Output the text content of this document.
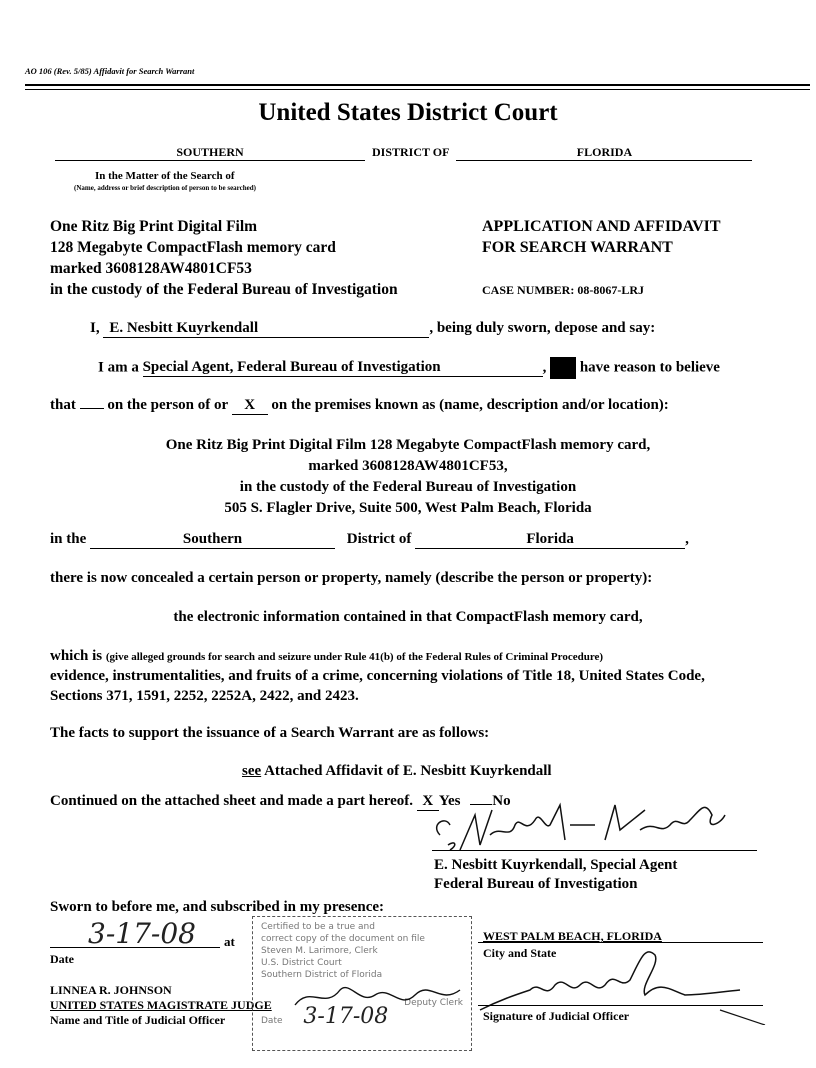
AO 106 (Rev. 5/85) Affidavit for Search Warrant
United States District Court
SOUTHERN	DISTRICT OF	FLORIDA
In the Matter of the Search of
(Name, address or brief description of person to be searched)
One Ritz Big Print Digital Film
128 Megabyte CompactFlash memory card
marked 3608128AW4801CF53
in the custody of the Federal Bureau of Investigation
APPLICATION AND AFFIDAVIT
FOR SEARCH WARRANT
CASE NUMBER: 08-8067-LRJ
I, E. Nesbitt Kuyrkendall	, being duly sworn, depose and say:
I am a Special Agent, Federal Bureau of Investigation	, have reason to believe
that on the person of or X on the premises known as (name, description and/or location):
One Ritz Big Print Digital Film 128 Megabyte CompactFlash memory card,
marked 3608128AW4801CF53,
in the custody of the Federal Bureau of Investigation
505 S. Flagler Drive, Suite 500, West Palm Beach, Florida
in the	Southern	District of	Florida	,
there is now concealed a certain person or property, namely (describe the person or property):
the electronic information contained in that CompactFlash memory card,
which is (give alleged grounds for search and seizure under Rule 41(b) of the Federal Rules of Criminal Procedure)
evidence, instrumentalities, and fruits of a crime, concerning violations of Title 18, United States Code,
Sections 371, 1591, 2252, 2252A, 2422, and 2423.
The facts to support the issuance of a Search Warrant are as follows:
see Attached Affidavit of E. Nesbitt Kuyrkendall
Continued on the attached sheet and made a part hereof. X Yes No
E. Nesbitt Kuyrkendall, Special Agent
Federal Bureau of Investigation
Sworn to before me, and subscribed in my presence:
3-17-08 at
Date
WEST PALM BEACH, FLORIDA
City and State
LINNEA R. JOHNSON
UNITED STATES MAGISTRATE JUDGE
Name and Title of Judicial Officer	Signature of Judicial Officer
Certified to be a true and
correct copy of the document on file
Steven M. Larimore, Clerk
U.S. District Court
Southern District of Florida
Deputy Clerk
Date 3-17-08
